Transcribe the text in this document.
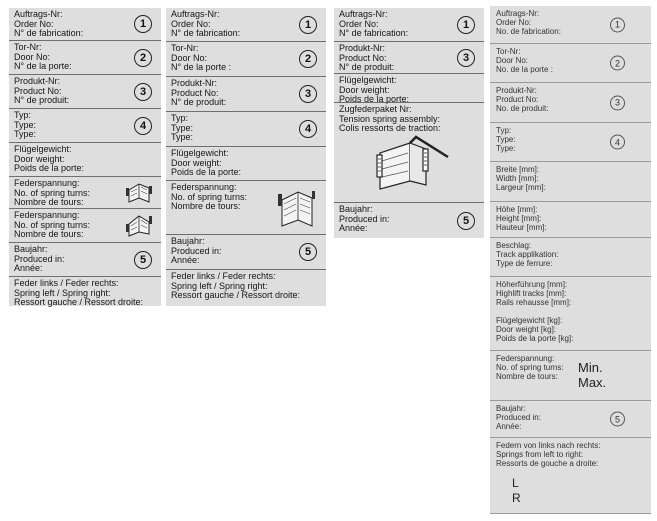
Auftrags-Nr:
Order No:
N° de fabrication:
1
Tor-Nr:
Door No:
N° de la porte:
2
Produkt-Nr:
Product No:
N° de produit:
3
Typ:
Type:
Type:
4
Flügelgewicht:
Door weight:
Poids de la porte:
Federspannung:
No. of spring turns:
Nombre de tours:
Federspannung:
No. of spring turns:
Nombre de tours:
Baujahr:
Produced in:
Année:
5
Feder links / Feder rechts:
Spring left / Spring right:
Ressort gauche / Ressort droite:
Auftrags-Nr:
Order No:
N° de fabrication:
1
Tor-Nr:
Door No:
N° de la porte :
2
Produkt-Nr:
Product No:
N° de produit:
3
Typ:
Type:
Type:
4
Flügelgewicht:
Door weight:
Poids de la porte:
Federspannung:
No. of spring turns:
Nombre de tours:
Baujahr:
Produced in:
Année:
5
Feder links / Feder rechts:
Spring left / Spring right:
Ressort gauche / Ressort droite:
Auftrags-Nr:
Order No:
N° de fabrication:
1
Produkt-Nr:
Product No:
N° de produit:
3
Flügelgewicht:
Door weight:
Poids de la porte:
Zugfederpaket Nr:
Tension spring assembly:
Colis ressorts de traction:
Baujahr:
Produced in:
Année:
5
Auftrags-Nr:
Order No:
No. de fabrication:
1
Tor-Nr:
Door No:
No. de la porte :
2
Produkt-Nr:
Product No:
No. de produit:
3
Typ:
Type:
Type:
4
Breite [mm]:
Width [mm]:
Largeur [mm]:
Höhe [mm]:
Height [mm]:
Hauteur [mm]:
Beschlag:
Track applikation:
Type de ferrure:
Höherführung [mm]:
Highlift tracks [mm]:
Rails rehausse [mm]:

Flügelgewicht [kg]:
Door weight [kg]:
Poids de la porte [kg]:
Federspannung:
No. of spring turns:
Nombre de tours:
Min.
Max.
Baujahr:
Produced in:
Année:
5
Federn von links nach rechts:
Springs from left to right:
Ressorts de gouche a droite:
L
R
